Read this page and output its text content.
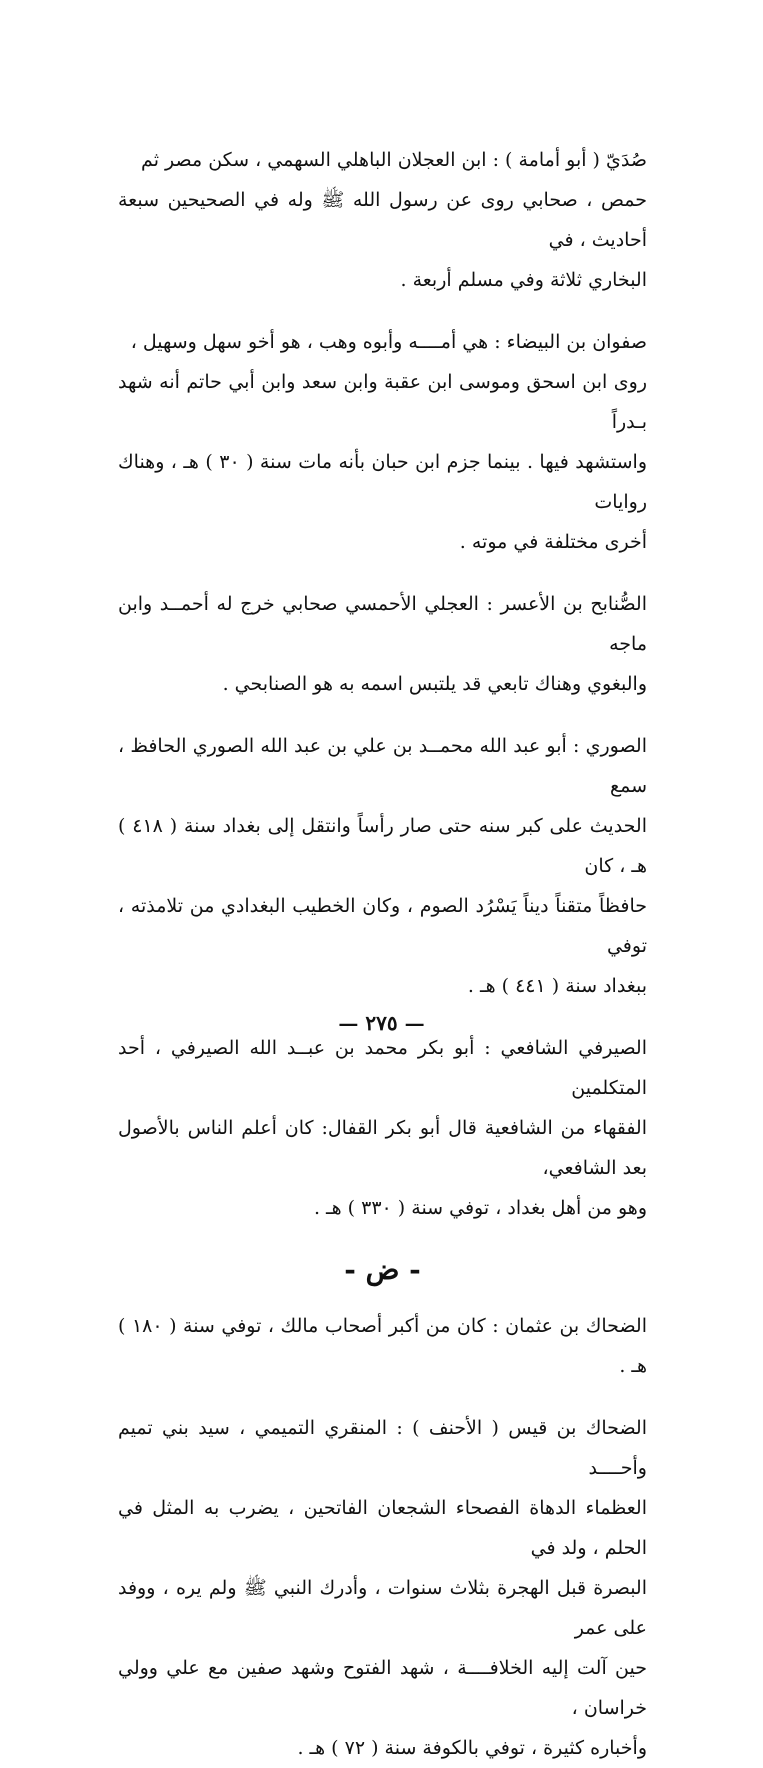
صُدَيّ ( أبو أمامة ) : ابن العجلان الباهلي السهمي ، سكن مصر ثم

حمص ، صحابي روى عن رسول الله ﷺ وله في الصحيحين سبعة أحاديث ، في

البخاري ثلاثة وفي مسلم أربعة .

صفوان بن البيضاء : هي أمــــه وأبوه وهب ، هو أخو سهل وسهيل ،

روى ابن اسحق وموسى ابن عقبة وابن سعد وابن أبي حاتم أنه شهد بـدراً

واستشهد فيها . بينما جزم ابن حبان بأنه مات سنة ( ٣٠ ) هـ ، وهناك روايات

أخرى مختلفة في موته .

الصُّنابح بن الأعسر : العجلي الأحمسي صحابي خرج له أحمــد وابن ماجه

والبغوي وهناك تابعي قد يلتبس اسمه به هو الصنابحي .

الصوري : أبو عبد الله محمــد بن علي بن عبد الله الصوري الحافظ ، سمع

الحديث على كبر سنه حتى صار رأساً وانتقل إلى بغداد سنة ( ٤١٨ ) هـ ، كان

حافظاً متقناً ديناً يَسْرُد الصوم ، وكان الخطيب البغدادي من تلامذته ، توفي

ببغداد سنة ( ٤٤١ ) هـ .

الصيرفي الشافعي : أبو بكر محمد بن عبــد الله الصيرفي ، أحد المتكلمين

الفقهاء من الشافعية قال أبو بكر القفال: كان أعلم الناس بالأصول بعد الشافعي،

وهو من أهل بغداد ، توفي سنة ( ٣٣٠ ) هـ .

- ض -

الضحاك بن عثمان : كان من أكبر أصحاب مالك ، توفي سنة ( ١٨٠ ) هـ .

الضحاك بن قيس ( الأحنف ) : المنقري التميمي ، سيد بني تميم وأحــــد

العظماء الدهاة الفصحاء الشجعان الفاتحين ، يضرب به المثل في الحلم ، ولد في

البصرة قبل الهجرة بثلاث سنوات ، وأدرك النبي ﷺ ولم يره ، ووفد على عمر

حين آلت إليه الخلافــــة ، شهد الفتوح وشهد صفين مع علي وولي خراسان ،

وأخباره كثيرة ، توفي بالكوفة سنة ( ٧٢ ) هـ .

— ٢٧٥ —
